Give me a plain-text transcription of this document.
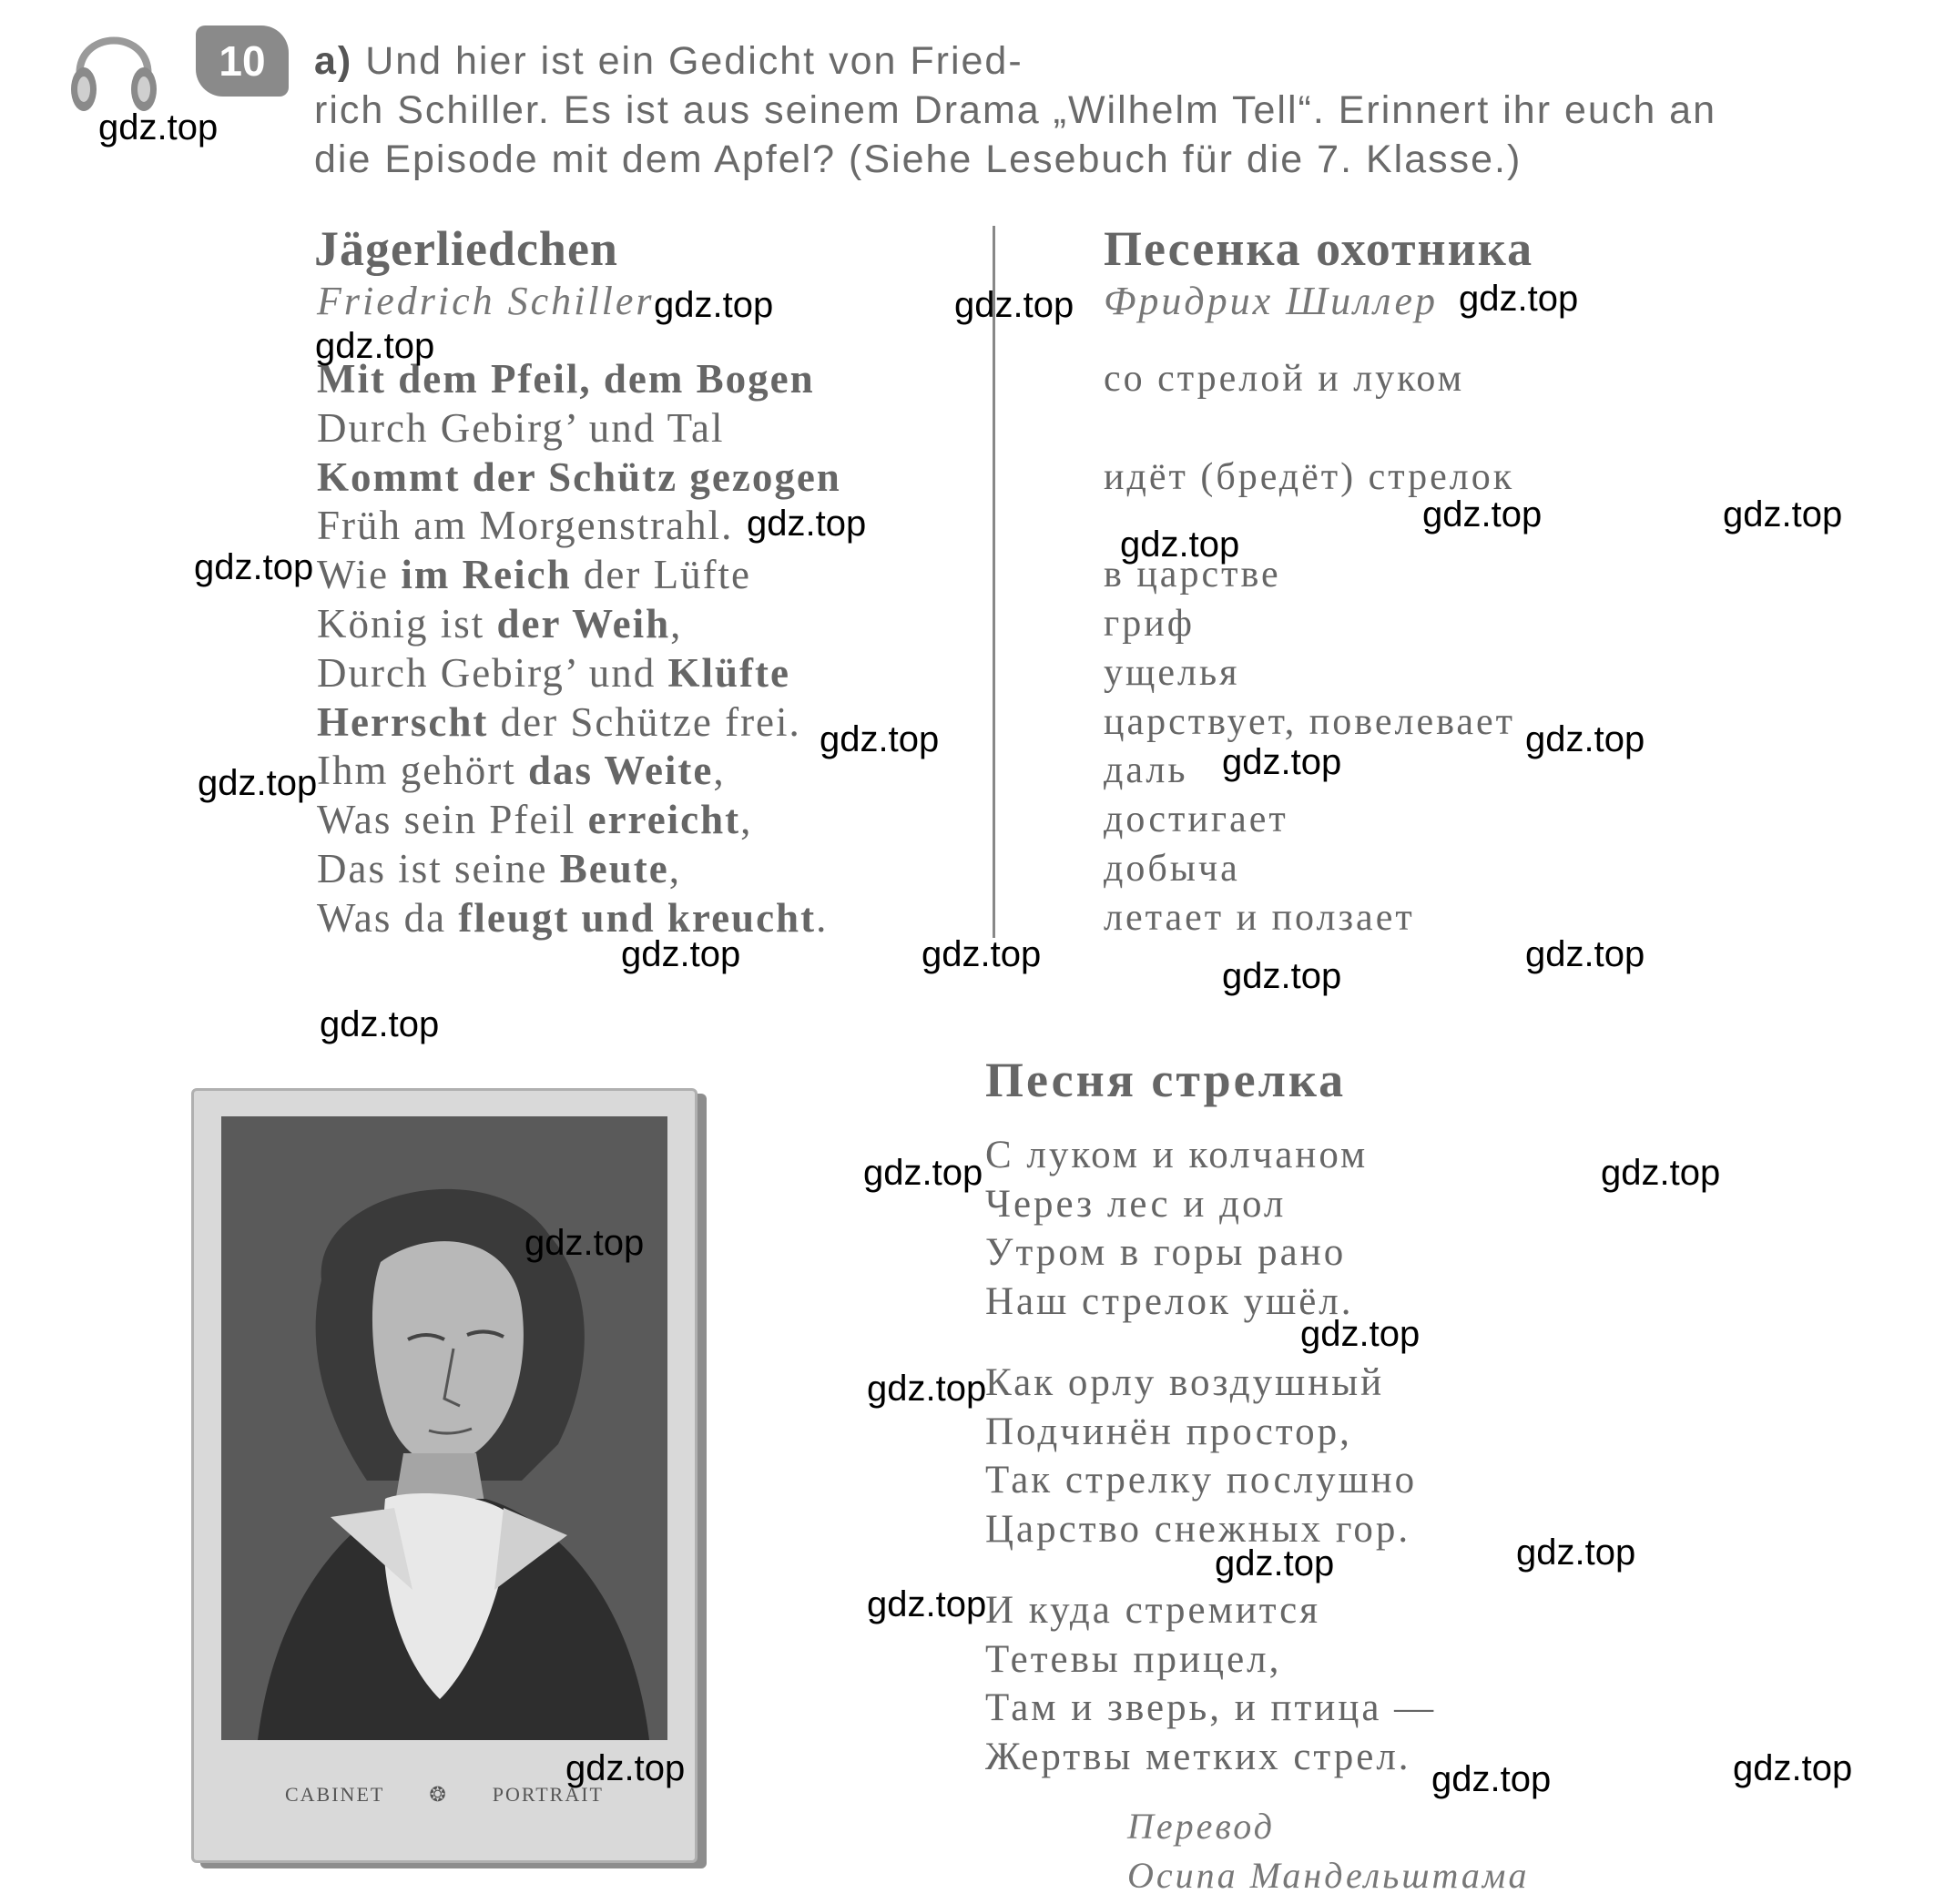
10	a) Und hier ist ein Gedicht von Fried-
rich Schiller. Es ist aus seinem Drama „Wilhelm Tell“. Erinnert ihr euch an
die Episode mit dem Apfel? (Siehe Lesebuch für die 7. Klasse.)
Jägerliedchen
Friedrich Schiller
Mit dem Pfeil, dem Bogen
Durch Gebirg’ und Tal
Kommt der Schütz gezogen
Früh am Morgenstrahl.
Wie im Reich der Lüfte
König ist der Weih,
Durch Gebirg’ und Klüfte
Herrscht der Schütze frei.
Ihm gehört das Weite,
Was sein Pfeil erreicht,
Das ist seine Beute,
Was da fleugt und kreucht.
Песенка охотника
Фридрих Шиллер
со стрелой и луком
идёт (бредёт) стрелок
в царстве
гриф
ущелья
царствует, повелевает
даль
достигает
добыча
летает и ползает
CABINET ❂ PORTRAIT
Песня стрелка
С луком и колчаном
Через лес и дол
Утром в горы рано
Наш стрелок ушёл.
Как орлу воздушный
Подчинён простор,
Так стрелку послушно
Царство снежных гор.
И куда стремится
Тетевы прицел,
Там и зверь, и птица —
Жертвы метких стрел.
Перевод
Осипа Мандельштама
gdz.top
gdz.top	gdz.top	gdz.top
gdz.top
gdz.top	gdz.top	gdz.top
gdz.top
gdz.top
gdz.top	gdz.top
gdz.top
gdz.top
gdz.top	gdz.top	gdz.top
gdz.top
gdz.top
gdz.top	gdz.top
gdz.top
gdz.top
gdz.top
gdz.top
gdz.top
gdz.top
gdz.top	gdz.top
gdz.top
